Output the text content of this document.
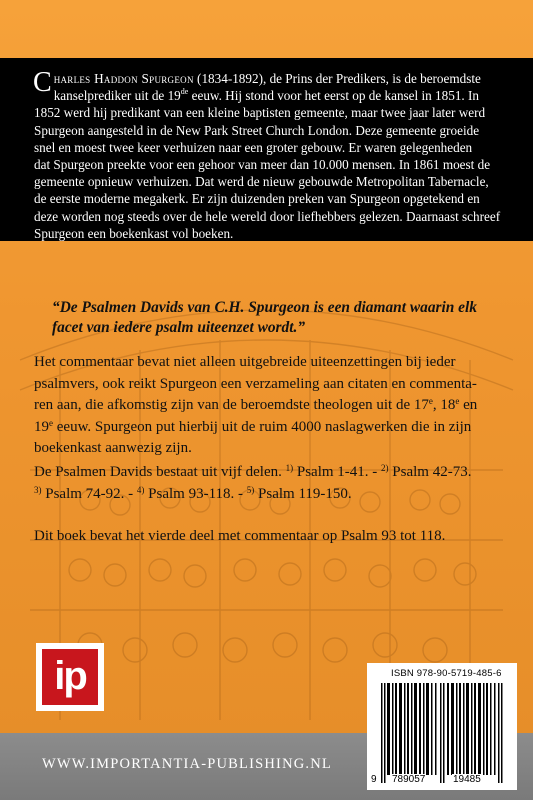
Charles Haddon Spurgeon (1834-1892), de Prins der Predikers, is de beroemdste
kanselprediker uit de 19de eeuw. Hij stond voor het eerst op de kansel in 1851. In
1852 werd hij predikant van een kleine baptisten gemeente, maar twee jaar later werd
Spurgeon aangesteld in de New Park Street Church London. Deze gemeente groeide
snel en moest twee keer verhuizen naar een groter gebouw. Er waren gelegenheden
dat Spurgeon preekte voor een gehoor van meer dan 10.000 mensen. In 1861 moest de
gemeente opnieuw verhuizen. Dat werd de nieuw gebouwde Metropolitan Tabernacle,
de eerste moderne megakerk. Er zijn duizenden preken van Spurgeon opgetekend en
deze worden nog steeds over de hele wereld door liefhebbers gelezen. Daarnaast schreef
Spurgeon een boekenkast vol boeken.
“De Psalmen Davids van C.H. Spurgeon is een diamant waarin elk
facet van iedere psalm uiteenzet wordt.”
Het commentaar bevat niet alleen uitgebreide uiteenzettingen bij ieder
psalmvers, ook reikt Spurgeon een verzameling aan citaten en commenta-
ren aan, die afkomstig zijn van de beroemdste theologen uit de 17e, 18e en
19e eeuw. Spurgeon put hierbij uit de ruim 4000 naslagwerken die in zijn
boekenkast aanwezig zijn.
De Psalmen Davids bestaat uit vijf delen. $^{1)}$ Psalm 1-41. - $^{2)}$ Psalm 42-73.
$^{3)}$ Psalm 74-92. - $^{4)}$ Psalm 93-118. - $^{5)}$ Psalm 119-150.
Dit boek bevat het vierde deel met commentaar op Psalm 93 tot 118.
ip
WWW.IMPORTANTIA-PUBLISHING.NL
ISBN 978-90-5719-485-6
9 789057	19485
